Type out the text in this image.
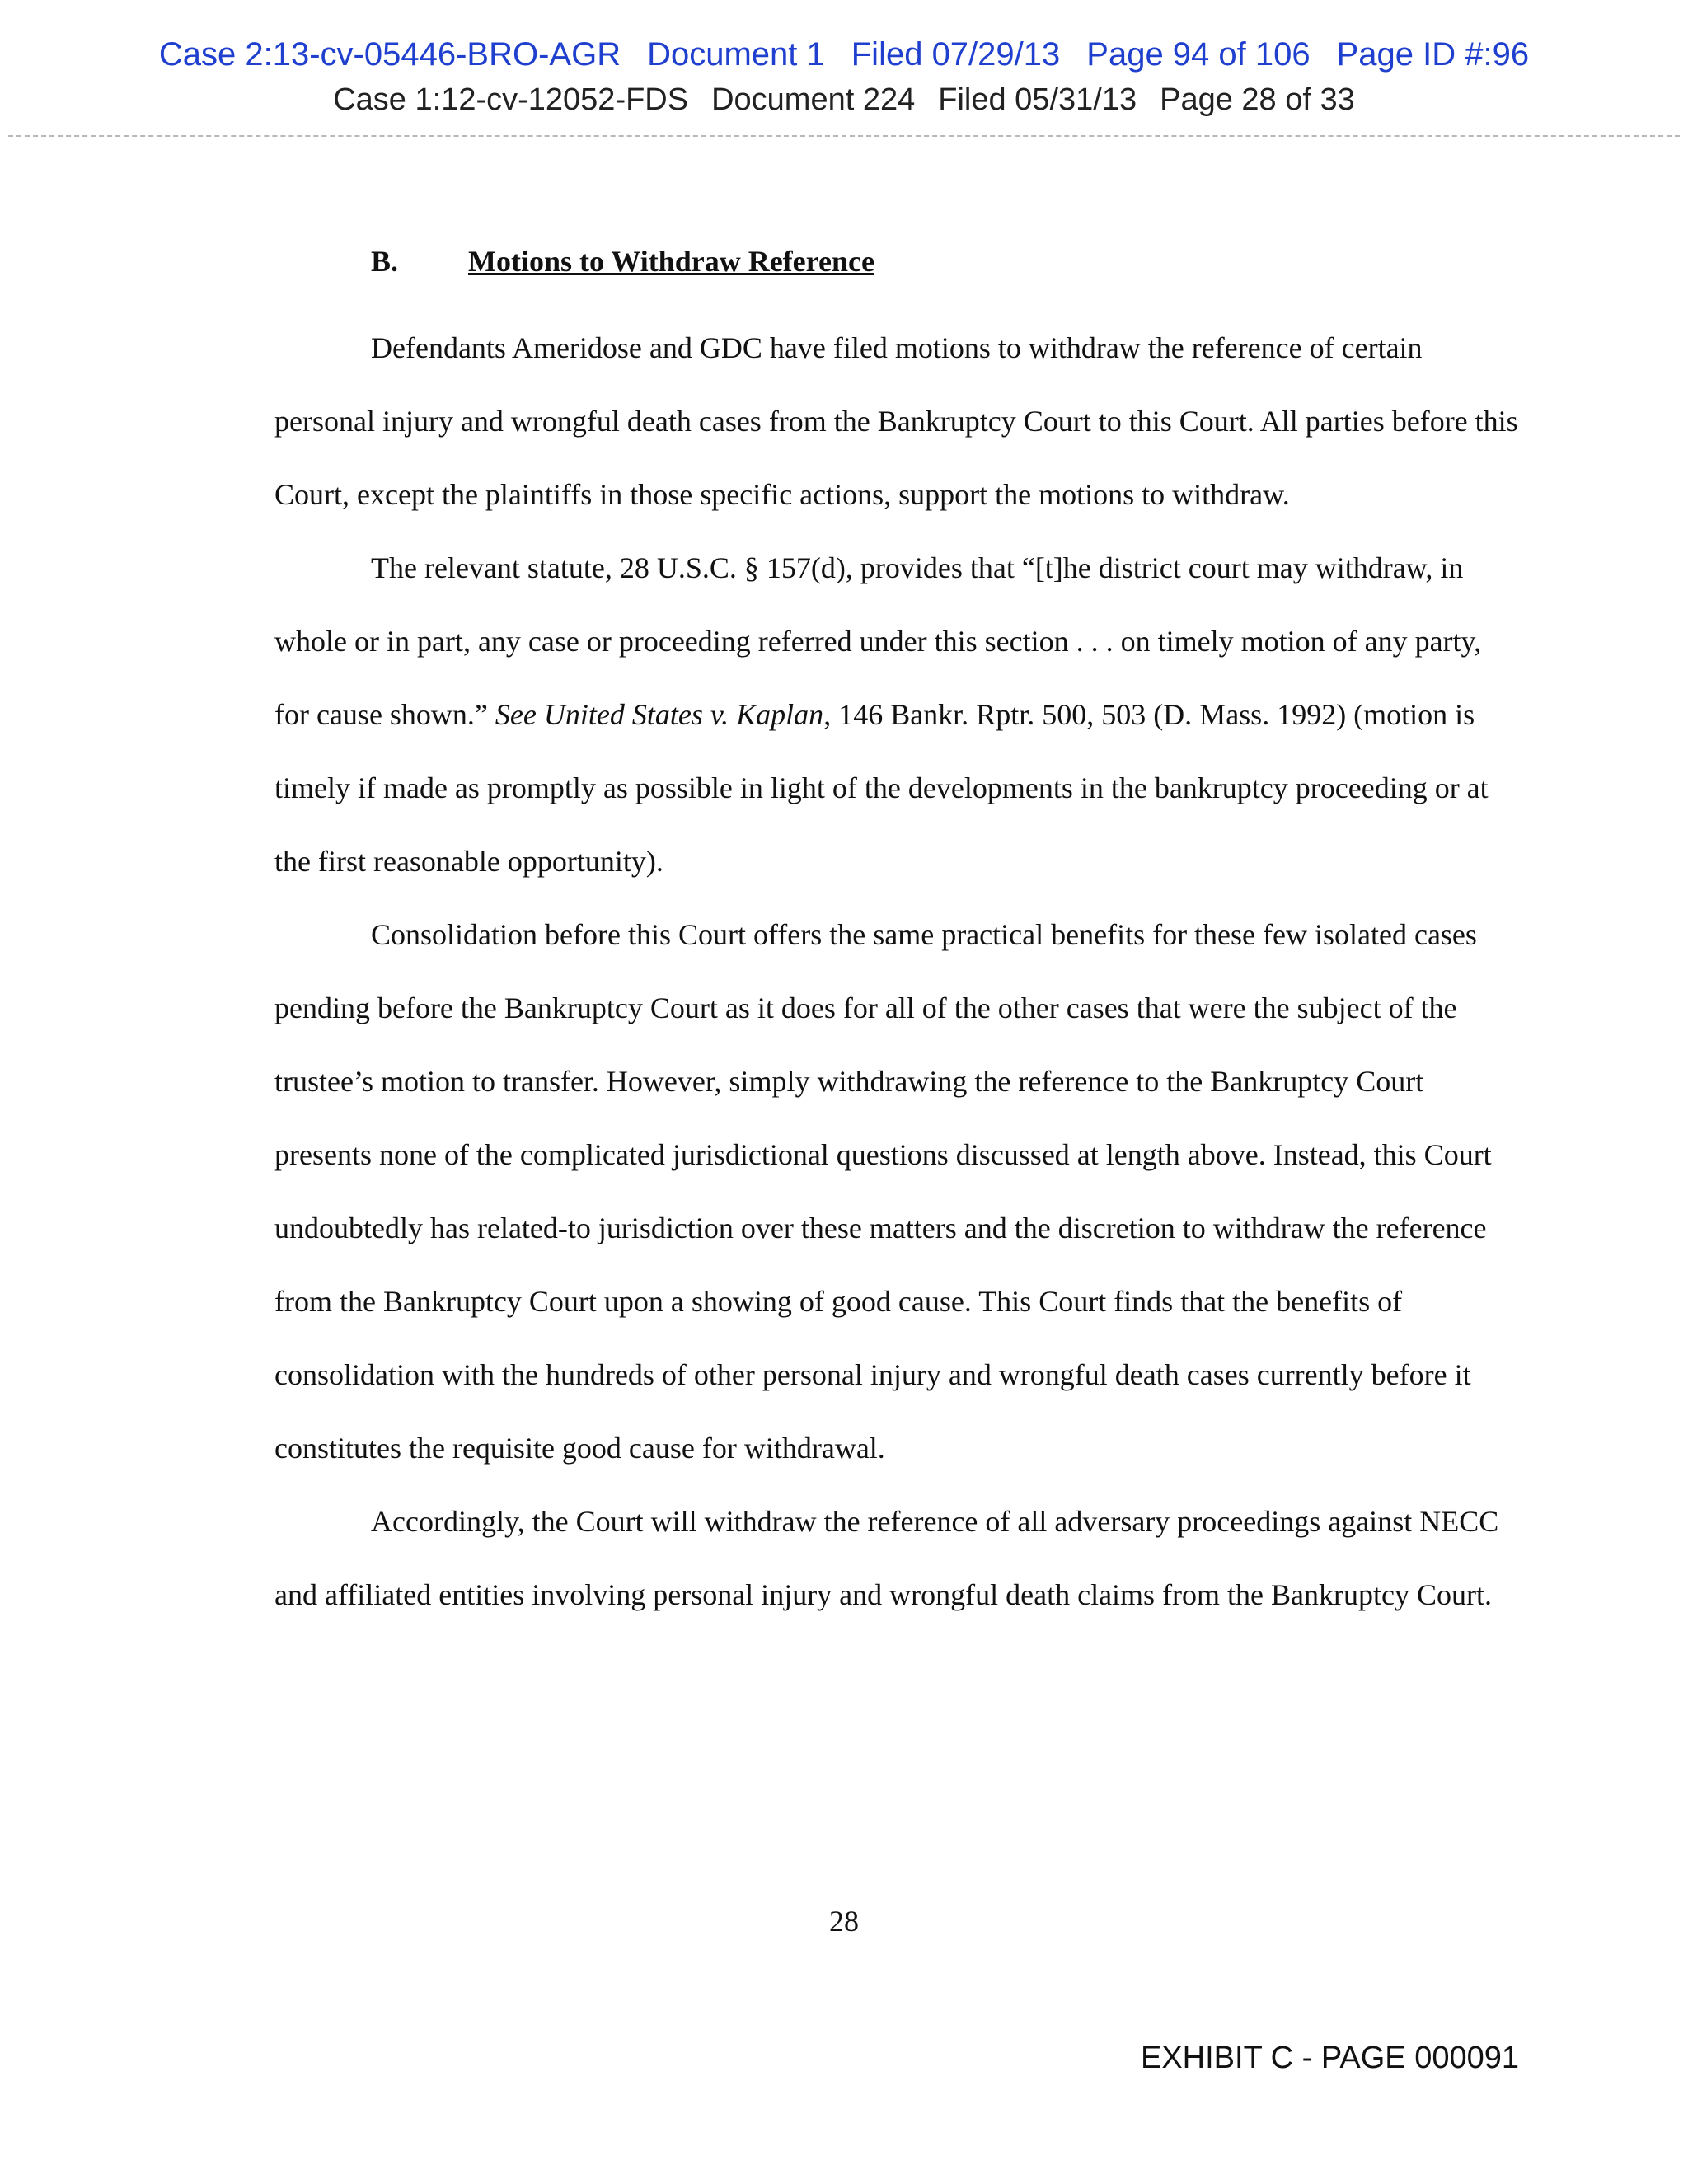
Case 2:13-cv-05446-BRO-AGR Document 1 Filed 07/29/13 Page 94 of 106 Page ID #:96
Case 1:12-cv-12052-FDS Document 224 Filed 05/31/13 Page 28 of 33
B. Motions to Withdraw Reference

Defendants Ameridose and GDC have filed motions to withdraw the reference of certain personal injury and wrongful death cases from the Bankruptcy Court to this Court. All parties before this Court, except the plaintiffs in those specific actions, support the motions to withdraw.

The relevant statute, 28 U.S.C. § 157(d), provides that “[t]he district court may withdraw, in whole or in part, any case or proceeding referred under this section . . . on timely motion of any party, for cause shown.” See United States v. Kaplan, 146 Bankr. Rptr. 500, 503 (D. Mass. 1992) (motion is timely if made as promptly as possible in light of the developments in the bankruptcy proceeding or at the first reasonable opportunity).

Consolidation before this Court offers the same practical benefits for these few isolated cases pending before the Bankruptcy Court as it does for all of the other cases that were the subject of the trustee’s motion to transfer. However, simply withdrawing the reference to the Bankruptcy Court presents none of the complicated jurisdictional questions discussed at length above. Instead, this Court undoubtedly has related-to jurisdiction over these matters and the discretion to withdraw the reference from the Bankruptcy Court upon a showing of good cause. This Court finds that the benefits of consolidation with the hundreds of other personal injury and wrongful death cases currently before it constitutes the requisite good cause for withdrawal.

Accordingly, the Court will withdraw the reference of all adversary proceedings against NECC and affiliated entities involving personal injury and wrongful death claims from the Bankruptcy Court.

28
EXHIBIT C - PAGE 000091
